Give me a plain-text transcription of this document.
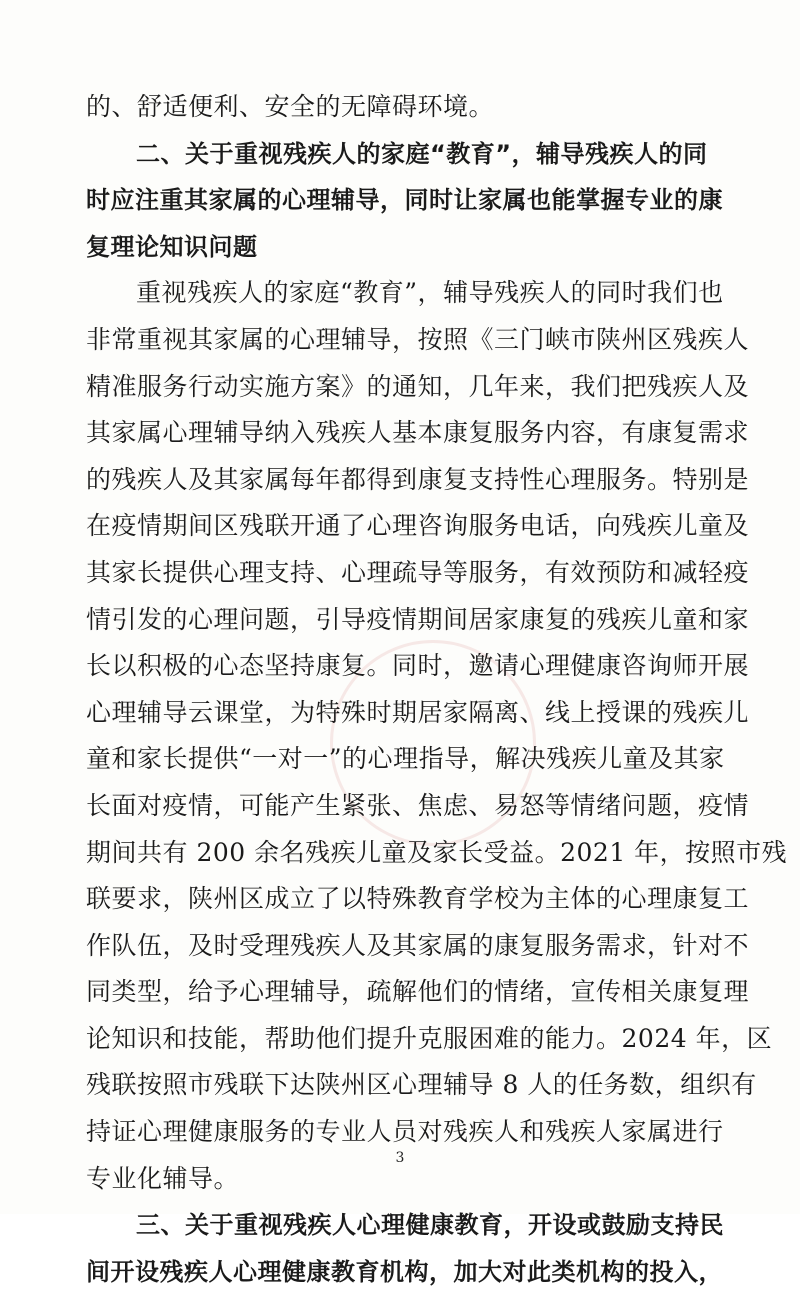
的、舒适便利、安全的无障碍环境。
二、关于重视残疾人的家庭“教育”，辅导残疾人的同
时应注重其家属的心理辅导，同时让家属也能掌握专业的康
复理论知识问题
重视残疾人的家庭“教育”，辅导残疾人的同时我们也
非常重视其家属的心理辅导，按照《三门峡市陕州区残疾人
精准服务行动实施方案》的通知，几年来，我们把残疾人及
其家属心理辅导纳入残疾人基本康复服务内容，有康复需求
的残疾人及其家属每年都得到康复支持性心理服务。特别是
在疫情期间区残联开通了心理咨询服务电话，向残疾儿童及
其家长提供心理支持、心理疏导等服务，有效预防和减轻疫
情引发的心理问题，引导疫情期间居家康复的残疾儿童和家
长以积极的心态坚持康复。同时，邀请心理健康咨询师开展
心理辅导云课堂，为特殊时期居家隔离、线上授课的残疾儿
童和家长提供“一对一”的心理指导，解决残疾儿童及其家
长面对疫情，可能产生紧张、焦虑、易怒等情绪问题，疫情
期间共有 200 余名残疾儿童及家长受益。2021 年，按照市残
联要求，陕州区成立了以特殊教育学校为主体的心理康复工
作队伍，及时受理残疾人及其家属的康复服务需求，针对不
同类型，给予心理辅导，疏解他们的情绪，宣传相关康复理
论知识和技能，帮助他们提升克服困难的能力。2024 年，区
残联按照市残联下达陕州区心理辅导 8 人的任务数，组织有
持证心理健康服务的专业人员对残疾人和残疾人家属进行
专业化辅导。
三、关于重视残疾人心理健康教育，开设或鼓励支持民
间开设残疾人心理健康教育机构，加大对此类机构的投入，
3
